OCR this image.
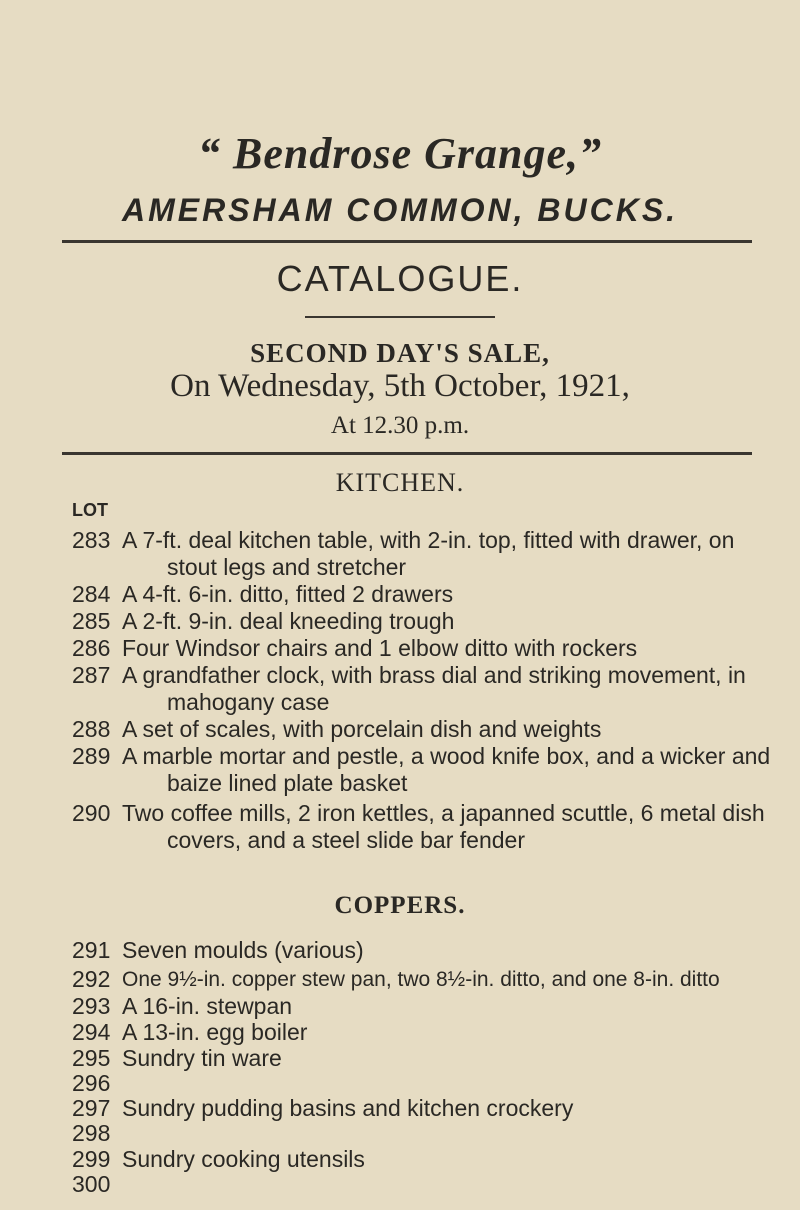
“ Bendrose Grange,”
AMERSHAM COMMON, BUCKS.
CATALOGUE.
SECOND DAY'S SALE,
On Wednesday, 5th October, 1921,
At 12.30 p.m.
KITCHEN.
LOT
283 A 7-ft. deal kitchen table, with 2-in. top, fitted with drawer, on
stout legs and stretcher
284 A 4-ft. 6-in. ditto, fitted 2 drawers
285 A 2-ft. 9-in. deal kneeding trough
286 Four Windsor chairs and 1 elbow ditto with rockers
287 A grandfather clock, with brass dial and striking movement, in
mahogany case
288 A set of scales, with porcelain dish and weights
289 A marble mortar and pestle, a wood knife box, and a wicker and
baize lined plate basket
290 Two coffee mills, 2 iron kettles, a japanned scuttle, 6 metal dish
covers, and a steel slide bar fender
COPPERS.
291 Seven moulds (various)
292 One 9½-in. copper stew pan, two 8½-in. ditto, and one 8-in. ditto
293 A 16-in. stewpan
294 A 13-in. egg boiler
295 Sundry tin ware
296
297 Sundry pudding basins and kitchen crockery
298
299 Sundry cooking utensils
300
